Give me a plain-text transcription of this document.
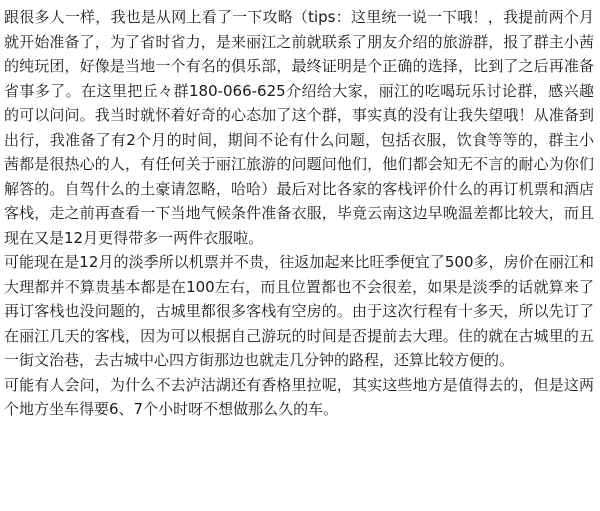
跟很多人一样，我也是从网上看了一下攻略（tips：这里统一说一下哦！，我提前两个月就开始准备了，为了省时省力，是来丽江之前就联系了朋友介绍的旅游群，报了群主小茜的纯玩团，好像是当地一个有名的俱乐部，最终证明是个正确的选择，比到了之后再准备省事多了。在这里把丘々群180-066-625介绍给大家，丽江的吃喝玩乐讨论群，感兴趣的可以问问。我当时就怀着好奇的心态加了这个群，事实真的没有让我失望哦！从准备到出行，我准备了有2个月的时间，期间不论有什么问题，包括衣服，饮食等等的，群主小茜都是很热心的人，有任何关于丽江旅游的问题问他们，他们都会知无不言的耐心为你们解答的。自驾什么的土豪请忽略，哈哈）最后对比各家的客栈评价什么的再订机票和酒店客栈，走之前再查看一下当地气候条件准备衣服，毕竟云南这边早晚温差都比较大，而且现在又是12月更得带多一两件衣服啦。

可能现在是12月的淡季所以机票并不贵，往返加起来比旺季便宜了500多，房价在丽江和大理都并不算贵基本都是在100左右，而且位置都也不会很差，如果是淡季的话就算来了再订客栈也没问题的，古城里都很多客栈有空房的。由于这次行程有十多天，所以先订了在丽江几天的客栈，因为可以根据自己游玩的时间是否提前去大理。住的就在古城里的五一街文治巷，去古城中心四方街那边也就走几分钟的路程，还算比较方便的。

可能有人会问，为什么不去泸沽湖还有香格里拉呢，其实这些地方是值得去的，但是这两个地方坐车得要6、7个小时呀不想做那么久的车。
